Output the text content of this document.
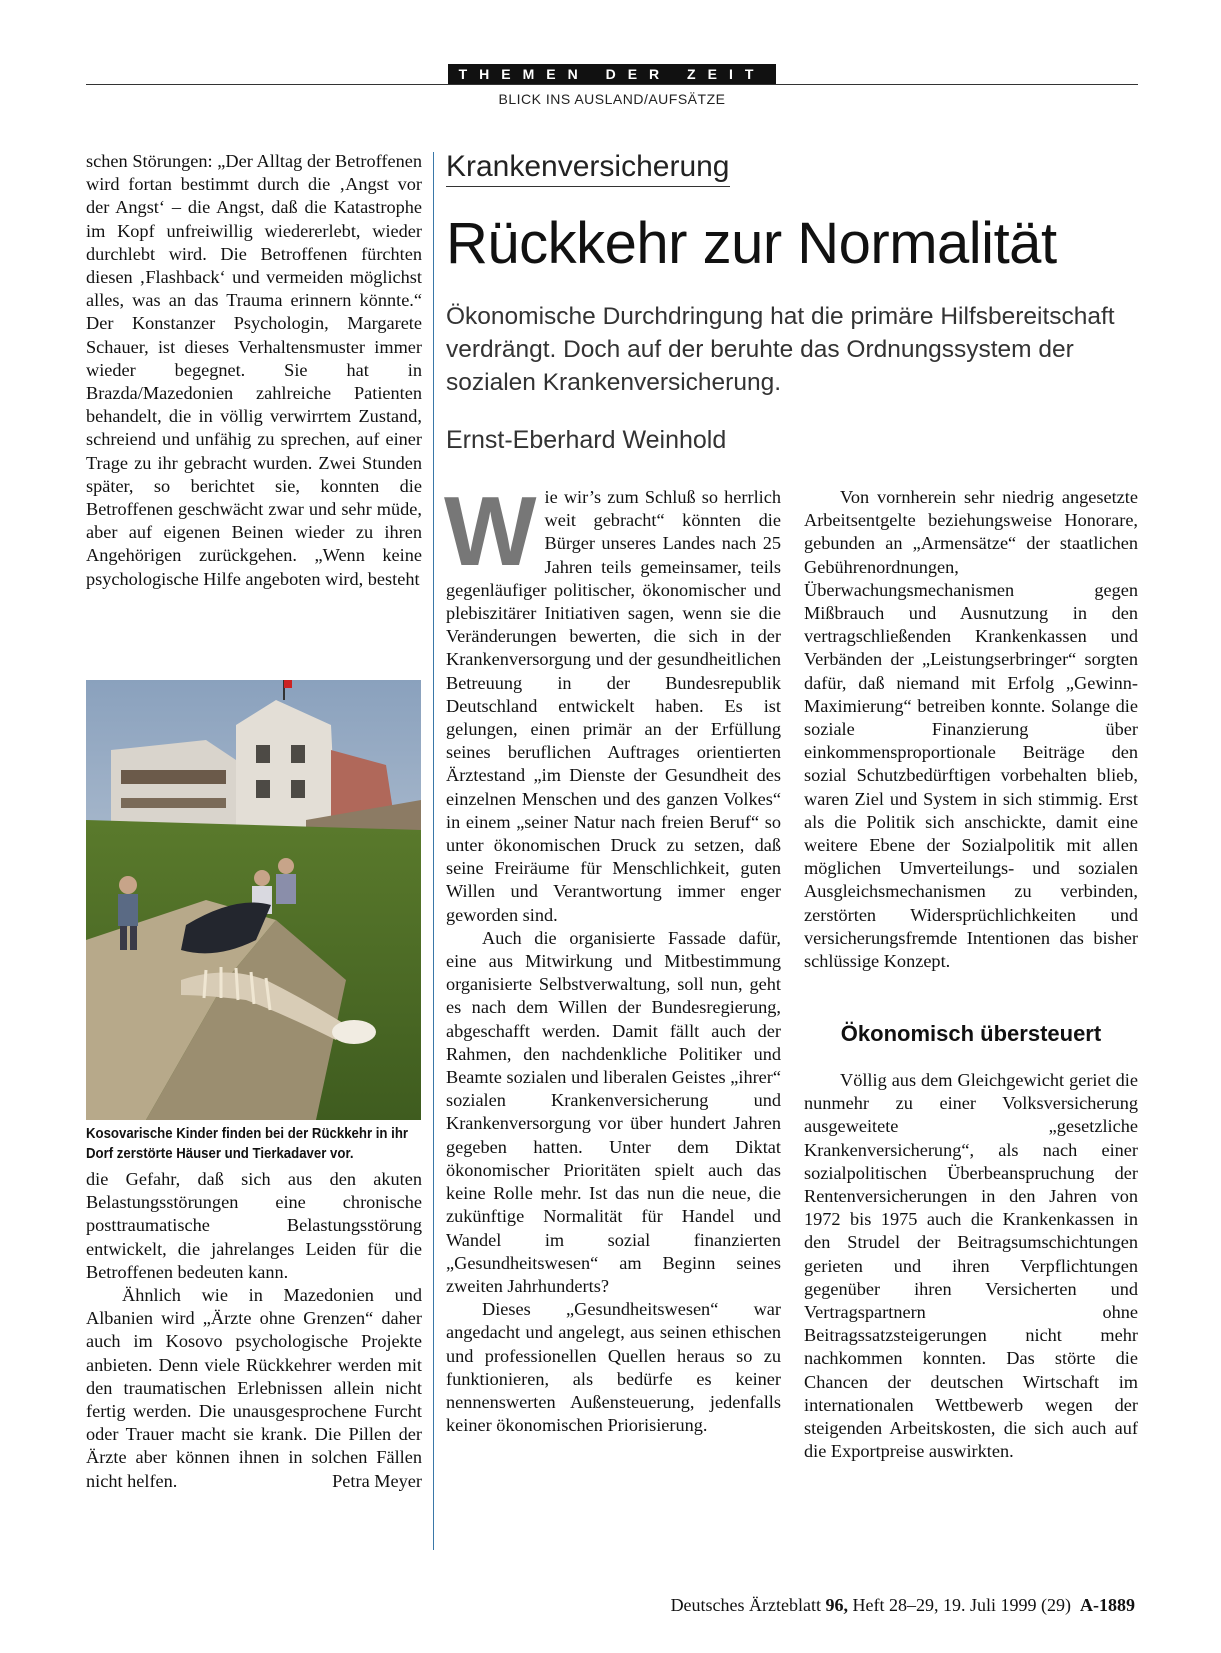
THEMEN DER ZEIT
BLICK INS AUSLAND/AUFSÄTZE

schen Störungen: „Der Alltag der Betroffenen wird fortan bestimmt durch die ‚Angst vor der Angst‘ – die Angst, daß die Katastrophe im Kopf unfreiwillig wiedererlebt, wieder durchlebt wird. Die Betroffenen fürchten diesen ‚Flashback‘ und vermeiden möglichst alles, was an das Trauma erinnern könnte.“ Der Konstanzer Psychologin, Margarete Schauer, ist dieses Verhaltensmuster immer wieder begegnet. Sie hat in Brazda/Mazedonien zahlreiche Patienten behandelt, die in völlig verwirrtem Zustand, schreiend und unfähig zu sprechen, auf einer Trage zu ihr gebracht wurden. Zwei Stunden später, so berichtet sie, konnten die Betroffenen geschwächt zwar und sehr müde, aber auf eigenen Beinen wieder zu ihren Angehörigen zurückgehen. „Wenn keine psychologische Hilfe angeboten wird, besteht

Kosovarische Kinder finden bei der Rückkehr in ihr Dorf zerstörte Häuser und Tierkadaver vor.

die Gefahr, daß sich aus den akuten Belastungsstörungen eine chronische posttraumatische Belastungsstörung entwickelt, die jahrelanges Leiden für die Betroffenen bedeuten kann.

Ähnlich wie in Mazedonien und Albanien wird „Ärzte ohne Grenzen“ daher auch im Kosovo psychologische Projekte anbieten. Denn viele Rückkehrer werden mit den traumatischen Erlebnissen allein nicht fertig werden. Die unausgesprochene Furcht oder Trauer macht sie krank. Die Pillen der Ärzte aber können ihnen in solchen Fällen nicht helfen.	Petra Meyer

Krankenversicherung
Rückkehr zur Normalität
Ökonomische Durchdringung hat die primäre Hilfsbereitschaft verdrängt. Doch auf der beruhte das Ordnungssystem der sozialen Krankenversicherung.
Ernst-Eberhard Weinhold

Wie wir’s zum Schluß so herrlich weit gebracht“ könnten die Bürger unseres Landes nach 25 Jahren teils gemeinsamer, teils gegenläufiger politischer, ökonomischer und plebiszitärer Initiativen sagen, wenn sie die Veränderungen bewerten, die sich in der Krankenversorgung und der gesundheitlichen Betreuung in der Bundesrepublik Deutschland entwickelt haben. Es ist gelungen, einen primär an der Erfüllung seines beruflichen Auftrages orientierten Ärztestand „im Dienste der Gesundheit des einzelnen Menschen und des ganzen Volkes“ in einem „seiner Natur nach freien Beruf“ so unter ökonomischen Druck zu setzen, daß seine Freiräume für Menschlichkeit, guten Willen und Verantwortung immer enger geworden sind.

Auch die organisierte Fassade dafür, eine aus Mitwirkung und Mitbestimmung organisierte Selbstverwaltung, soll nun, geht es nach dem Willen der Bundesregierung, abgeschafft werden. Damit fällt auch der Rahmen, den nachdenkliche Politiker und Beamte sozialen und liberalen Geistes „ihrer“ sozialen Krankenversicherung und Krankenversorgung vor über hundert Jahren gegeben hatten. Unter dem Diktat ökonomischer Prioritäten spielt auch das keine Rolle mehr. Ist das nun die neue, die zukünftige Normalität für Handel und Wandel im sozial finanzierten „Gesundheitswesen“ am Beginn seines zweiten Jahrhunderts?

Dieses „Gesundheitswesen“ war angedacht und angelegt, aus seinen ethischen und professionellen Quellen heraus so zu funktionieren, als bedürfe es keiner nennenswerten Außensteuerung, jedenfalls keiner ökonomischen Priorisierung.

Von vornherein sehr niedrig angesetzte Arbeitsentgelte beziehungsweise Honorare, gebunden an „Armensätze“ der staatlichen Gebührenordnungen, Überwachungsmechanismen gegen Mißbrauch und Ausnutzung in den vertragschließenden Krankenkassen und Verbänden der „Leistungserbringer“ sorgten dafür, daß niemand mit Erfolg „Gewinn-Maximierung“ betreiben konnte. Solange die soziale Finanzierung über einkommensproportionale Beiträge den sozial Schutzbedürftigen vorbehalten blieb, waren Ziel und System in sich stimmig. Erst als die Politik sich anschickte, damit eine weitere Ebene der Sozialpolitik mit allen möglichen Umverteilungs- und sozialen Ausgleichsmechanismen zu verbinden, zerstörten Widersprüchlichkeiten und versicherungsfremde Intentionen das bisher schlüssige Konzept.

Ökonomisch übersteuert

Völlig aus dem Gleichgewicht geriet die nunmehr zu einer Volksversicherung ausgeweitete „gesetzliche Krankenversicherung“, als nach einer sozialpolitischen Überbeanspruchung der Rentenversicherungen in den Jahren von 1972 bis 1975 auch die Krankenkassen in den Strudel der Beitragsumschichtungen gerieten und ihren Verpflichtungen gegenüber ihren Versicherten und Vertragspartnern ohne Beitragssatzsteigerungen nicht mehr nachkommen konnten. Das störte die Chancen der deutschen Wirtschaft im internationalen Wettbewerb wegen der steigenden Arbeitskosten, die sich auch auf die Exportpreise auswirkten.

Deutsches Ärzteblatt 96, Heft 28–29, 19. Juli 1999 (29) A-1889
